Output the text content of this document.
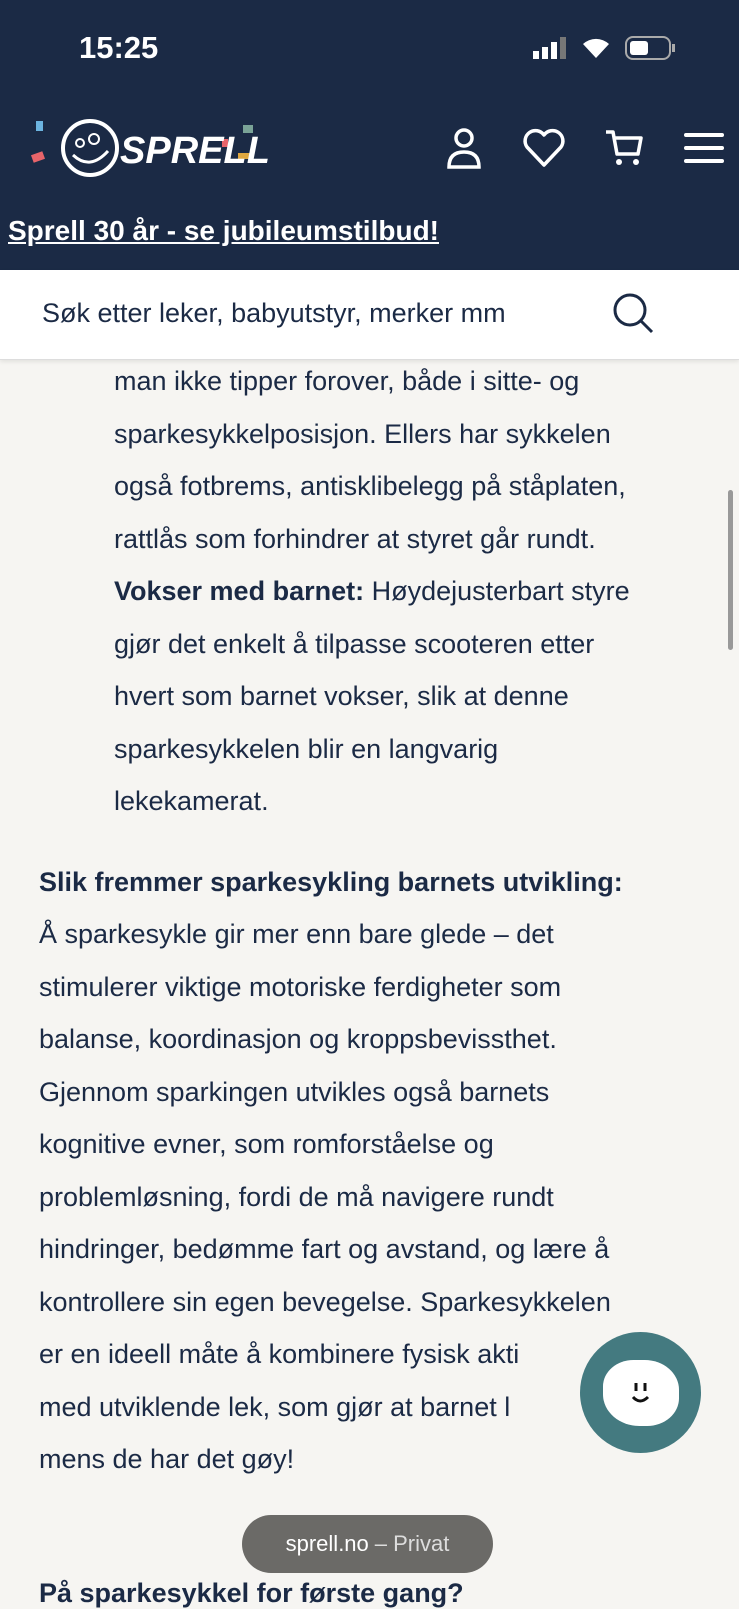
15:25
SPRELL
Sprell 30 år - se jubileumstilbud!
Søk etter leker, babyutstyr, merker mm
man ikke tipper forover, både i sitte- og
sparkesykkelposisjon. Ellers har sykkelen
også fotbrems, antisklibelegg på ståplaten,
rattlås som forhindrer at styret går rundt.
Vokser med barnet: Høydejusterbart styre
gjør det enkelt å tilpasse scooteren etter
hvert som barnet vokser, slik at denne
sparkesykkelen blir en langvarig
lekekamerat.
Slik fremmer sparkesykling barnets utvikling:
Å sparkesykle gir mer enn bare glede – det
stimulerer viktige motoriske ferdigheter som
balanse, koordinasjon og kroppsbevissthet.
Gjennom sparkingen utvikles også barnets
kognitive evner, som romforståelse og
problemløsning, fordi de må navigere rundt
hindringer, bedømme fart og avstand, og lære å
kontrollere sin egen bevegelse. Sparkesykkelen
er en ideell måte å kombinere fysisk akti
med utviklende lek, som gjør at barnet l
mens de har det gøy!
På sparkesykkel for første gang?
sprell.no – Privat
